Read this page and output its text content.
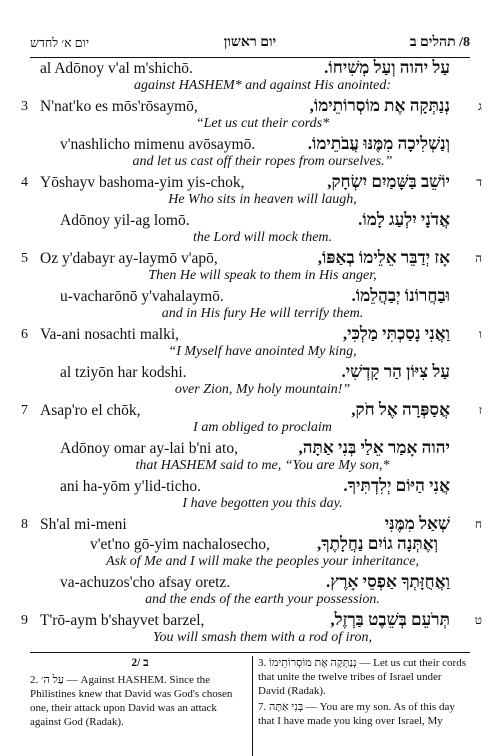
יום א׳ לחדש	יום ראשון	8/ תהלים ב
al Adōnoy v'al m'shichō.	עַל יהוה וְעַל מְשִׁיחוֹ.
against HASHEM* and against His anointed:
3 N'nat'ko es mōs'rōsaymō,	נְנַתְּקָה אֶת מוֹסְרוֹתֵימוֹ, ג
“Let us cut their cords*
v'nashlicho mimenu avōsaymō.	וְנַשְׁלִיכָה מִמֶּנּוּ עֲבֹתֵימוֹ.
and let us cast off their ropes from ourselves.”
4 Yōshayv bashoma-yim yis-chok,	יוֹשֵׁב בַּשָּׁמַיִם יִשְׂחָק, ד
He Who sits in heaven will laugh,
Adōnoy yil-ag lomō.	אֲדֹנָי יִלְעַג לָמוֹ.
the Lord will mock them.
5 Oz y'dabayr ay-laymō v'apō,	אָז יְדַבֵּר אֵלֵימוֹ בְאַפּוֹ, ה
Then He will speak to them in His anger,
u-vacharōnō y'vahalaymō.	וּבַחֲרוֹנוֹ יְבַהֲלֵמוֹ.
and in His fury He will terrify them.
6 Va-ani nosachti malki,	וַאֲנִי נָסַכְתִּי מַלְכִּי, ו
“I Myself have anointed My king,
al tziyōn har kodshi.	עַל צִיּוֹן הַר קָדְשִׁי.
over Zion, My holy mountain!”
7 Asap'ro el chōk,	אֲסַפְּרָה אֶל חֹק, ז
I am obliged to proclaim
Adōnoy omar ay-lai b'ni ato,	יהוה אָמַר אֵלַי בְּנִי אַתָּה,
that HASHEM said to me, “You are My son,*
ani ha-yōm y'lid-ticho.	אֲנִי הַיּוֹם יְלִדְתִּיךָ.
I have begotten you this day.
8 Sh'al mi-meni	שְׁאַל מִמֶּנִּי ח
v'et'no gō-yim nachalosecho,	וְאֶתְּנָה גוֹיִם נַחֲלָתֶךָ,
Ask of Me and I will make the peoples your inheritance,
va-achuzos'cho afsay oretz.	וַאֲחֻזָּתְךָ אַפְסֵי אָרֶץ.
and the ends of the earth your possession.
9 T'rō-aym b'shayvet barzel,	תְּרֹעֵם בְּשֵׁבֶט בַּרְזֶל, ט
You will smash them with a rod of iron,
2/ ב
2. עַל ה׳ — Against HASHEM. Since the Philistines knew that David was God's chosen one, their attack upon David was an attack against God (Radak).
3. נְנַתְּקָה אֶת מוֹסְרוֹתֵימוֹ — Let us cut their cords that unite the twelve tribes of Israel under David (Radak).
7. בְּנִי אַתָּה — You are my son. As of this day that I have made you king over Israel, My
